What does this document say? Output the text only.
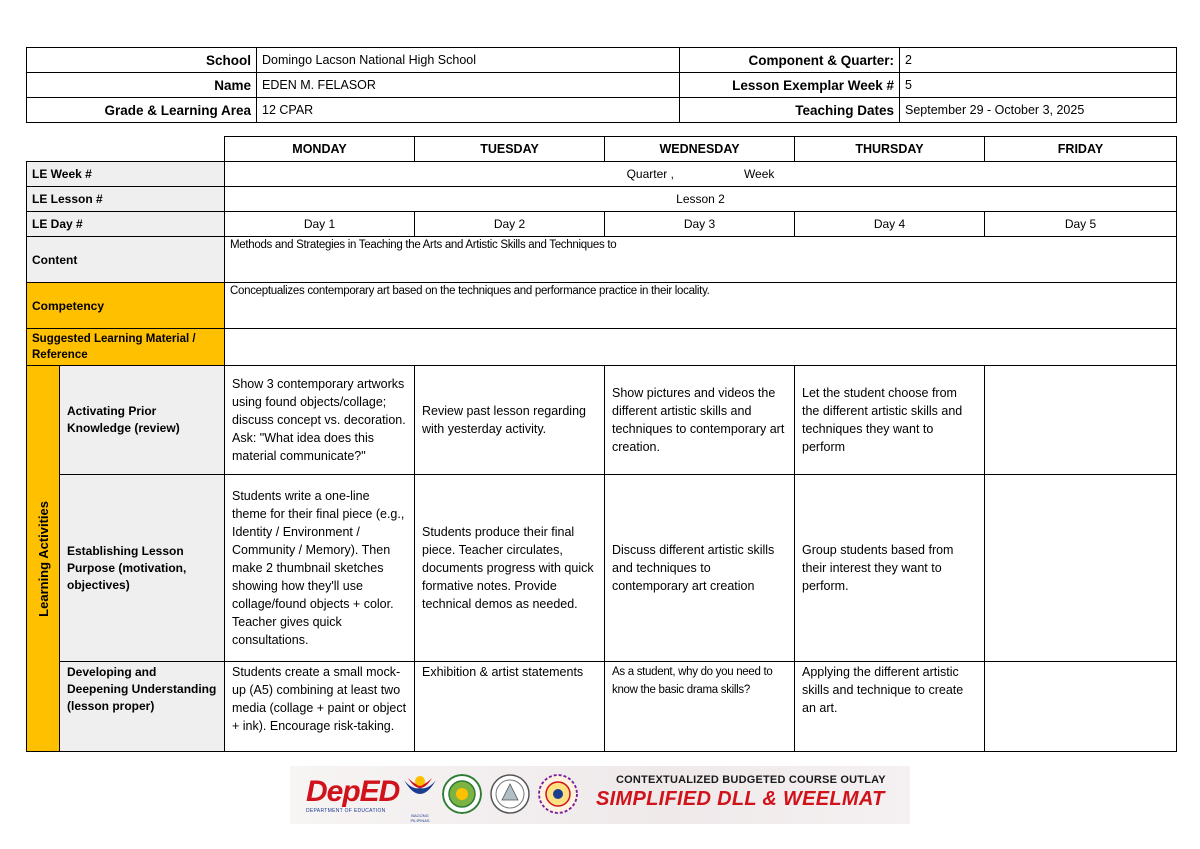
School	Domingo Lacson National High School	Component & Quarter:	2
Name	EDEN M. FELASOR	Lesson Exemplar Week #	5
Grade & Learning Area	12 CPAR	Teaching Dates	September 29 - October 3, 2025
		MONDAY	TUESDAY	WEDNESDAY	THURSDAY	FRIDAY
LE Week #		Quarter ,                     Week				
LE Lesson #		Lesson 2				
LE Day #		Day 1	Day 2	Day 3	Day 4	Day 5
Content		Methods and Strategies in Teaching the Arts and Artistic Skills and Techniques to				
Competency		Conceptualizes contemporary art based on the techniques and performance practice in their locality.				
Suggested Learning Material / Reference						

Learning Activities	Activating Prior Knowledge (review)	Show 3 contemporary artworks using found objects/collage; discuss concept vs. decoration. Ask: "What idea does this material communicate?"	Review past lesson regarding with yesterday activity.	Show pictures and videos the different artistic skills and techniques to contemporary art creation.	Let the student choose from the different artistic skills and techniques they want to perform	
	Establishing Lesson Purpose (motivation, objectives)	Students write a one-line theme for their final piece (e.g., Identity / Environment / Community / Memory). Then make 2 thumbnail sketches showing how they'll use collage/found objects + color. Teacher gives quick consultations.	Students produce their final piece. Teacher circulates, documents progress with quick formative notes. Provide technical demos as needed.	Discuss different artistic skills and techniques to contemporary art creation	Group students based from their interest they want to perform.	
	Developing and Deepening Understanding (lesson proper)	Students create a small mock-up (A5) combining at least two media (collage + paint or object + ink). Encourage risk-taking.	Exhibition & artist statements	As a student, why do you need to know the basic drama skills?	Applying the different artistic skills and technique to create an art.	
DepED
DEPARTMENT OF EDUCATION
BAGONG PILIPINAS
CONTEXTUALIZED BUDGETED COURSE OUTLAY
SIMPLIFIED DLL & WEELMAT
